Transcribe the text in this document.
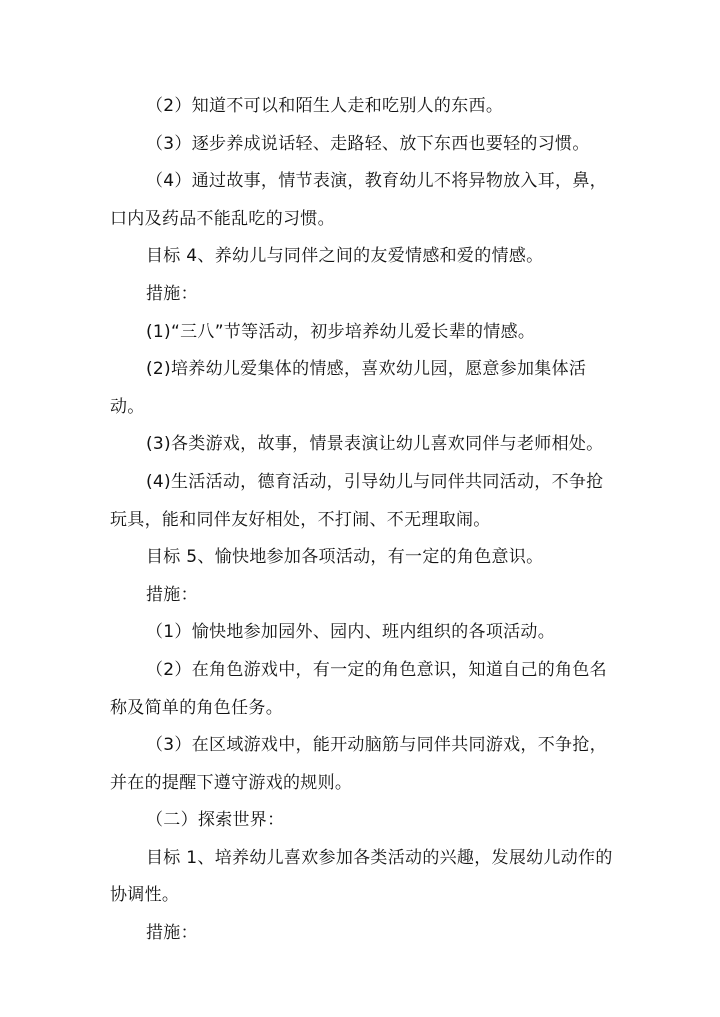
（2）知道不可以和陌生人走和吃别人的东西。

（3）逐步养成说话轻、走路轻、放下东西也要轻的习惯。

（4）通过故事，情节表演，教育幼儿不将异物放入耳，鼻，口内及药品不能乱吃的习惯。

目标 4、养幼儿与同伴之间的友爱情感和爱的情感。

措施：

(1)“三八”节等活动，初步培养幼儿爱长辈的情感。

(2)培养幼儿爱集体的情感，喜欢幼儿园，愿意参加集体活动。

(3)各类游戏，故事，情景表演让幼儿喜欢同伴与老师相处。

(4)生活活动，德育活动，引导幼儿与同伴共同活动，不争抢玩具，能和同伴友好相处，不打闹、不无理取闹。

目标 5、愉快地参加各项活动，有一定的角色意识。

措施：

（1）愉快地参加园外、园内、班内组织的各项活动。

（2）在角色游戏中，有一定的角色意识，知道自己的角色名称及简单的角色任务。

（3）在区域游戏中，能开动脑筋与同伴共同游戏，不争抢，并在的提醒下遵守游戏的规则。

（二）探索世界：

目标 1、培养幼儿喜欢参加各类活动的兴趣，发展幼儿动作的协调性。

措施：
